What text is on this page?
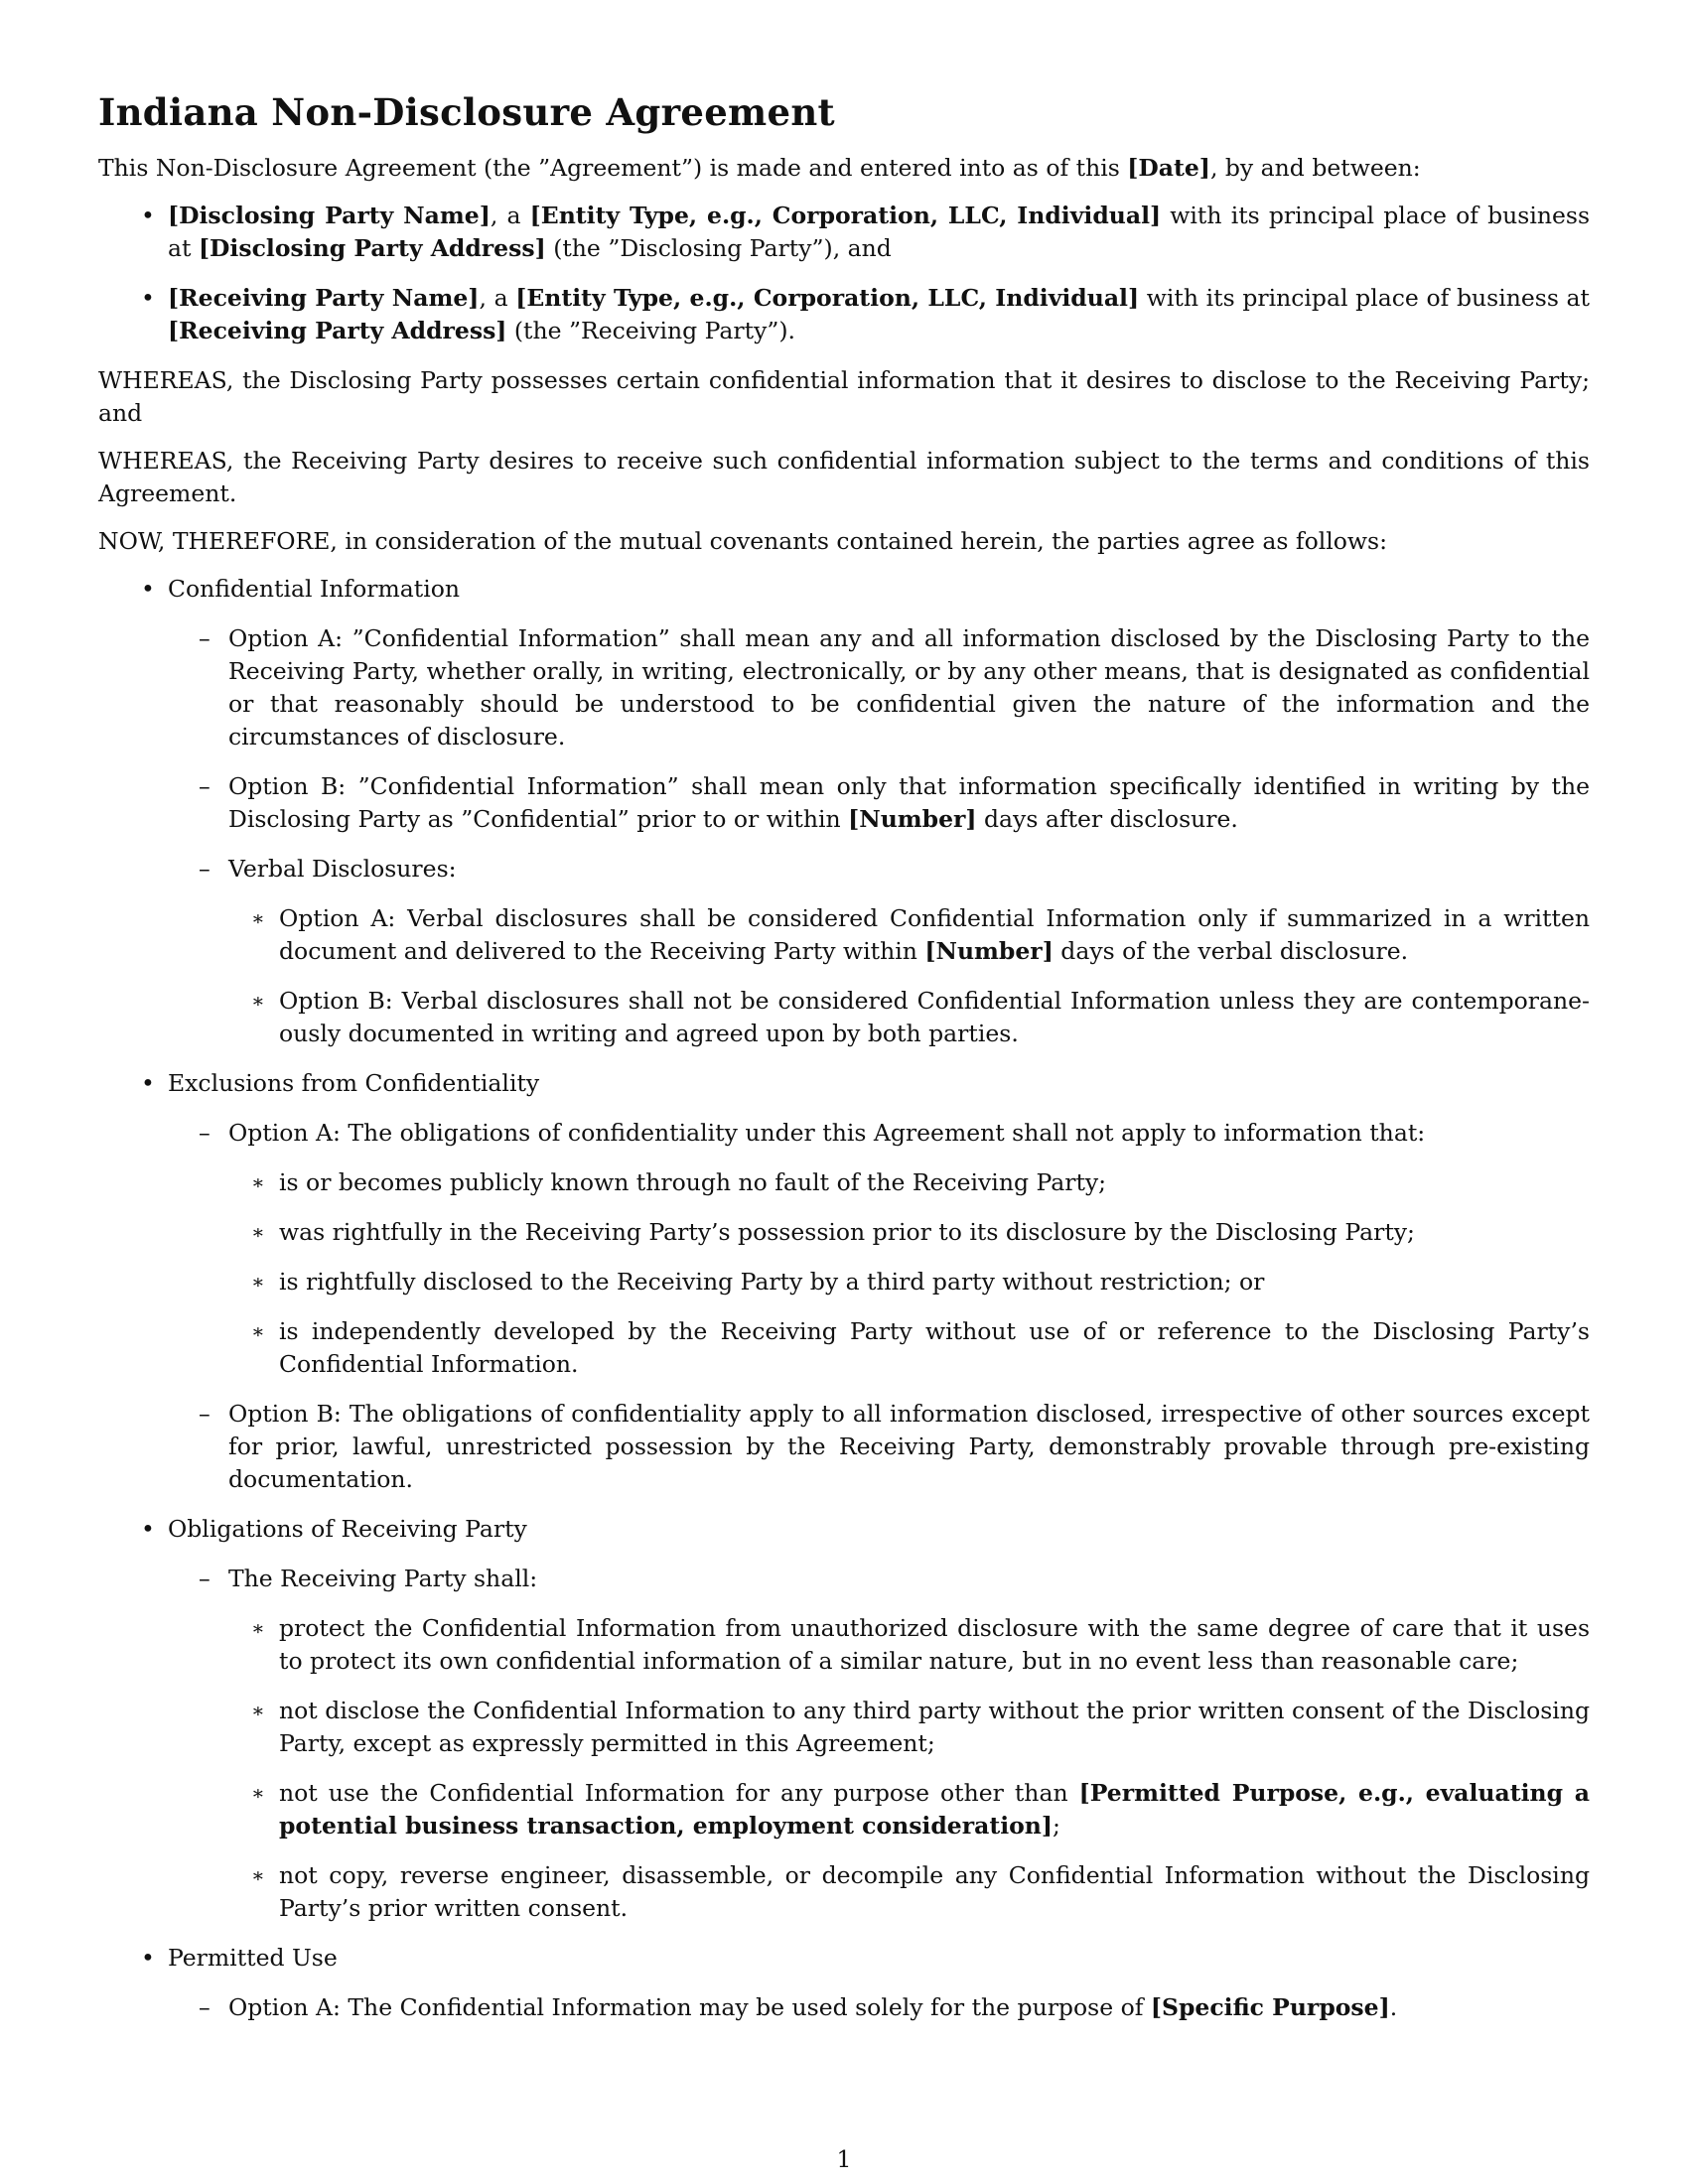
Indiana Non-Disclosure Agreement

This Non-Disclosure Agreement (the ”Agreement”) is made and entered into as of this [Date], by and between:

• [Disclosing Party Name], a [Entity Type, e.g., Corporation, LLC, Individual] with its principal place of business at [Disclosing Party Address] (the ”Disclosing Party”), and
• [Receiving Party Name], a [Entity Type, e.g., Corporation, LLC, Individual] with its principal place of business at [Receiving Party Address] (the ”Receiving Party”).

WHEREAS, the Disclosing Party possesses certain confidential information that it desires to disclose to the Receiving Party; and

WHEREAS, the Receiving Party desires to receive such confidential information subject to the terms and conditions of this Agreement.

NOW, THEREFORE, in consideration of the mutual covenants contained herein, the parties agree as follows:

• Confidential Information
– Option A: ”Confidential Information” shall mean any and all information disclosed by the Disclosing Party to the Receiving Party, whether orally, in writing, electronically, or by any other means, that is designated as confidential or that reasonably should be understood to be confidential given the nature of the information and the circumstances of disclosure.
– Option B: ”Confidential Information” shall mean only that information specifically identified in writing by the Disclosing Party as ”Confidential” prior to or within [Number] days after disclosure.
– Verbal Disclosures:
∗ Option A: Verbal disclosures shall be considered Confidential Information only if summarized in a written document and delivered to the Receiving Party within [Number] days of the verbal disclosure.
∗ Option B: Verbal disclosures shall not be considered Confidential Information unless they are contemporane-ously documented in writing and agreed upon by both parties.
• Exclusions from Confidentiality
– Option A: The obligations of confidentiality under this Agreement shall not apply to information that:
∗ is or becomes publicly known through no fault of the Receiving Party;
∗ was rightfully in the Receiving Party’s possession prior to its disclosure by the Disclosing Party;
∗ is rightfully disclosed to the Receiving Party by a third party without restriction; or
∗ is independently developed by the Receiving Party without use of or reference to the Disclosing Party’s Confidential Information.
– Option B: The obligations of confidentiality apply to all information disclosed, irrespective of other sources except for prior, lawful, unrestricted possession by the Receiving Party, demonstrably provable through pre-existing documentation.
• Obligations of Receiving Party
– The Receiving Party shall:
∗ protect the Confidential Information from unauthorized disclosure with the same degree of care that it uses to protect its own confidential information of a similar nature, but in no event less than reasonable care;
∗ not disclose the Confidential Information to any third party without the prior written consent of the Disclosing Party, except as expressly permitted in this Agreement;
∗ not use the Confidential Information for any purpose other than [Permitted Purpose, e.g., evaluating a potential business transaction, employment consideration];
∗ not copy, reverse engineer, disassemble, or decompile any Confidential Information without the Disclosing Party’s prior written consent.
• Permitted Use
– Option A: The Confidential Information may be used solely for the purpose of [Specific Purpose].
1
